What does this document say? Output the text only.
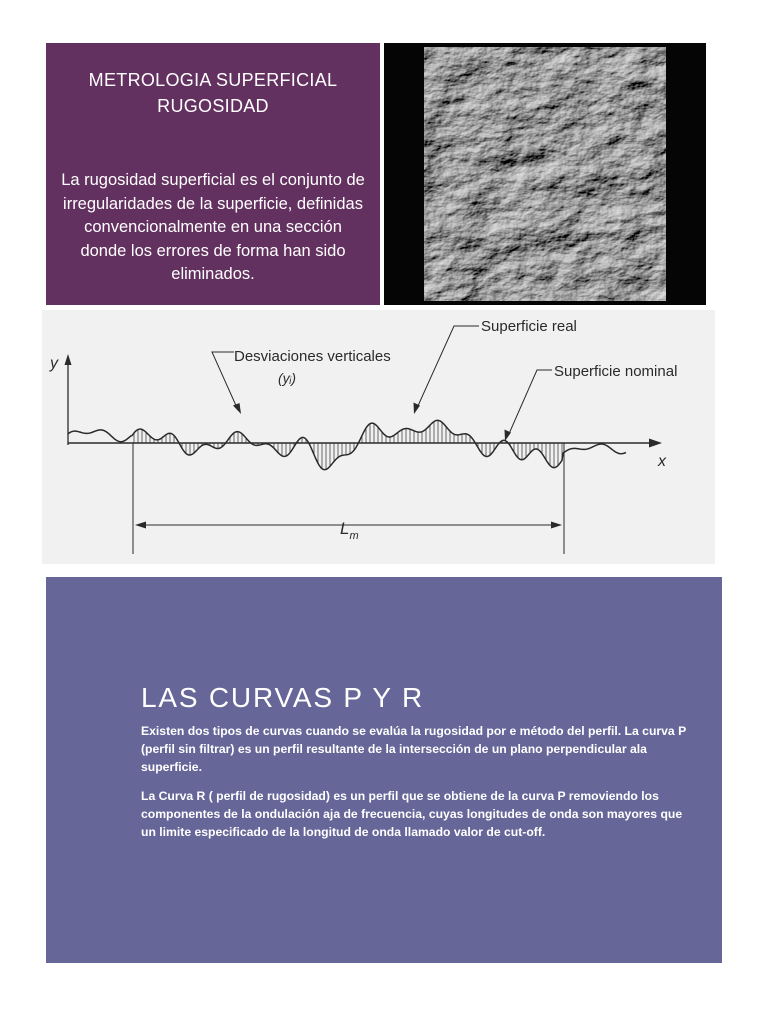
METROLOGIA SUPERFICIAL
RUGOSIDAD

La rugosidad superficial es el conjunto de irregularidades de la superficie, definidas convencionalmente en una sección donde los errores de forma han sido eliminados.

y
x
Desviaciones verticales
(yᵢ)
Superficie real
Superficie nominal
$L_m$
LAS CURVAS P Y R

Existen dos tipos de curvas cuando se evalúa la rugosidad por e método del perfil. La curva P (perfil sin filtrar) es un perfil resultante de la intersección de un plano perpendicular ala superficie.

La Curva R ( perfil de rugosidad) es un perfil que se obtiene de la curva P removiendo los componentes de la ondulación aja de frecuencia, cuyas longitudes de onda son mayores que un limite especificado de la longitud de onda llamado valor de cut-off.
